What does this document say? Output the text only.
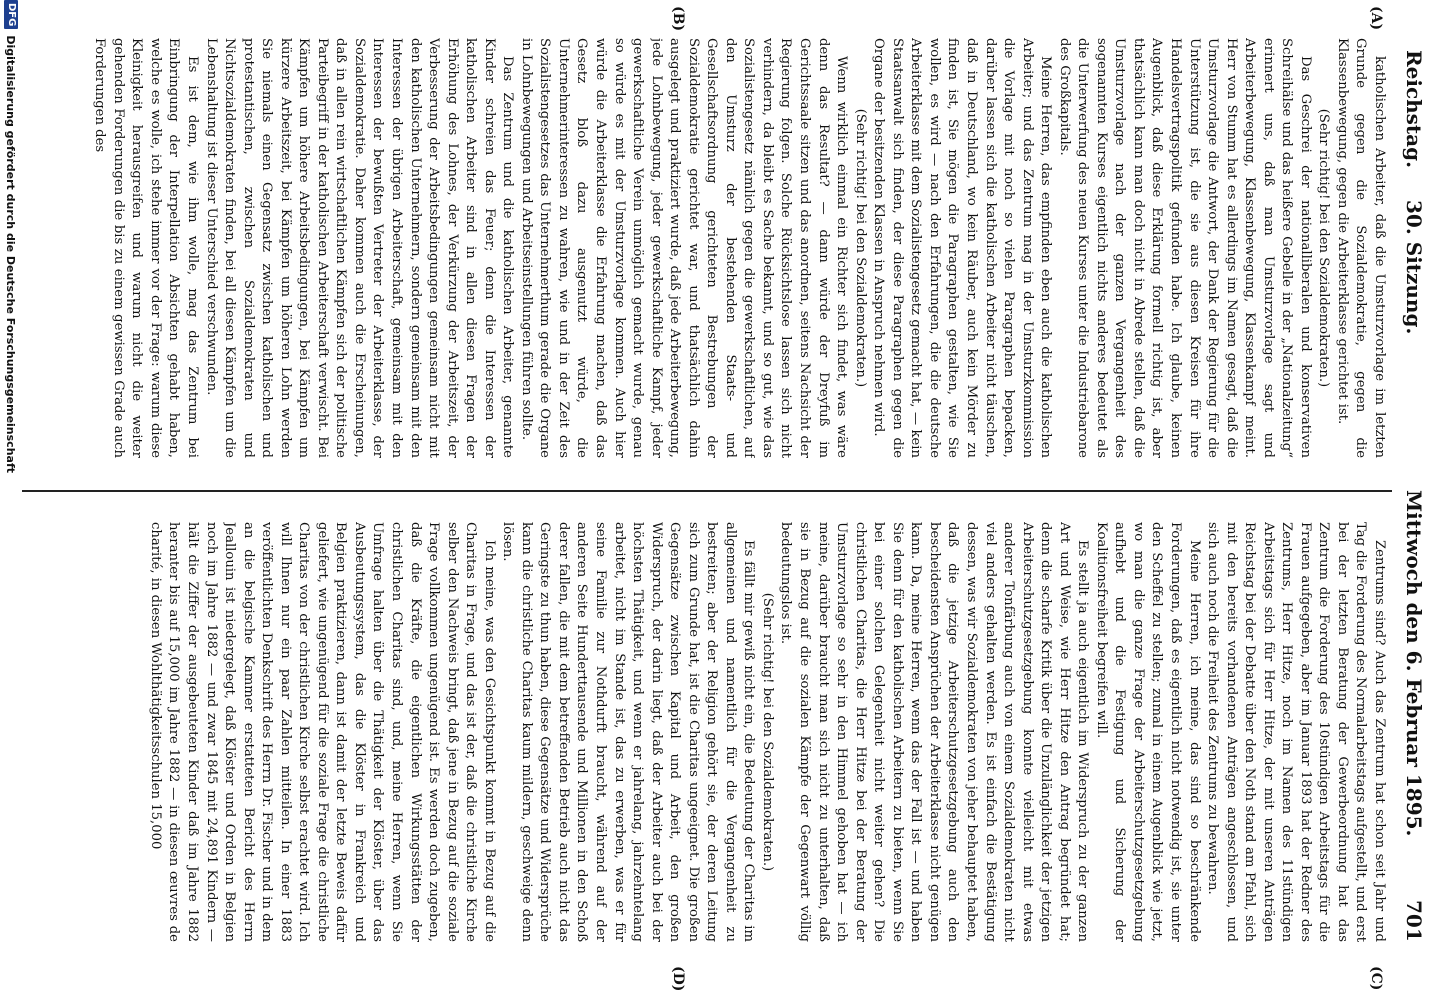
Reichstag.
30. Sitzung.
Mittwoch den 6. Februar 1895.
701
(A)
(B)
(C)
(D)

katholischen Arbeiter, daß die Umsturzvorlage im letzten Grunde gegen die Sozialdemokratie, gegen die Klassenbewegung, gegen die Arbeiterklasse gerichtet ist.

(Sehr richtig! bei den Sozialdemokraten.)

Das Geschrei der nationalliberalen und konservativen Schreihälse und das heißere Gebelle in der „Nationalzeitung“ erinnert uns, daß man Umsturzvorlage sagt und Arbeiterbewegung, Klassenbewegung, Klassenkampf meint. Herr von Stumm hat es allerdings im Namen gesagt, daß die Umsturzvorlage die Antwort, der Dank der Regierung für die Unterstützung ist, die sie aus diesen Kreisen für ihre Handelsvertragspolitik gefunden habe. Ich glaube, keinen Augenblick, daß diese Erklärung formell richtig ist, aber thatsächlich kann man doch nicht in Abrede stellen, daß die Umsturzvorlage nach der ganzen Vergangenheit des sogenannten Kurses eigentlich nichts anderes bedeutet als die Unterwerfung des neuen Kurses unter die Industriebarone des Großkapitals.

Meine Herren, das empfinden eben auch die katholischen Arbeiter; und das Zentrum mag in der Umsturzkommission die Vorlage mit noch so vielen Paragraphen bepacken, darüber lassen sich die katholischen Arbeiter nicht täuschen, daß in Deutschland, wo kein Räuber, auch kein Mörder zu finden ist, Sie mögen die Paragraphen gestalten, wie Sie wollen, es wird — nach den Erfahrungen, die die deutsche Arbeiterklasse mit dem Sozialistengesetz gemacht hat, — kein Staatsanwalt sich finden, der diese Paragraphen gegen die Organe der besitzenden Klassen in Anspruch nehmen wird.

(Sehr richtig! bei den Sozialdemokraten.)

Wenn wirklich einmal ein Richter sich findet, was wäre denn das Resultat? — dann würde der Dreyfuß im Gerichtssaale sitzen und das anordnen, seitens Nachsicht der Regierung folgen. Solche Rücksichtslose lassen sich nicht verhindern, da bleibt es Sache bekannt, und so gut, wie das Sozialistengesetz nämlich gegen die gewerkschaftlichen, auf den Umsturz der bestehenden Staats- und Gesellschaftsordnung gerichteten Bestrebungen der Sozialdemokratie gerichtet war, und thatsächlich dahin ausgelegt und praktiziert wurde, daß jede Arbeiterbewegung, jede Lohnbewegung, jeder gewerkschaftliche Kampf, jeder gewerkschaftliche Verein unmöglich gemacht wurde, genau so würde es mit der Umsturzvorlage kommen. Auch hier würde die Arbeiterklasse die Erfahrung machen, daß das Gesetz bloß dazu ausgenutzt würde, die Unternehmerinteressen zu wahren, wie und in der Zeit des Sozialistengesetzes das Unternehmerthum gerade die Organe in Lohnbewegungen und Arbeitseinstellungen führen sollte.

Das Zentrum und die katholischen Arbeiter, genannte Kinder schreien das Feuer; denn die Interessen der katholischen Arbeiter sind in allen diesen Fragen der Erhöhung des Lohnes, der Verkürzung der Arbeitszeit, der Verbesserung der Arbeitsbedingungen gemeinsam nicht mit den katholischen Unternehmern, sondern gemeinsam mit den Interessen der übrigen Arbeiterschaft, gemeinsam mit den Interessen der bewußten Vertreter der Arbeiterklasse, der Sozialdemokratie. Daher kommen auch die Erscheinungen, daß in allen rein wirtschaftlichen Kämpfen sich der politische Parteibegriff in der katholischen Arbeiterschaft verwischt. Bei Kämpfen um höhere Arbeitsbedingungen, bei Kämpfen um kürzere Arbeitszeit, bei Kämpfen um höheren Lohn werden Sie niemals einen Gegensatz zwischen katholischen und protestantischen, zwischen Sozialdemokraten und Nichtsozialdemokraten finden, bei all diesen Kämpfen um die Lebenshaltung ist dieser Unterschied verschwunden.

Es ist dem, wie ihm wolle, mag das Zentrum bei Einbringung der Interpellation Absichten gehabt haben, welche es wolle, ich stehe immer vor der Frage: warum diese Kleinigkeit herausgreifen und warum nicht die weiter gehenden Forderungen die bis zu einem gewissen Grade auch Forderungen des

Zentrums sind? Auch das Zentrum hat schon seit Jahr und Tag die Forderung des Normalarbeitstags aufgestellt, und erst bei der letzten Beratung der Gewerbeordnung hat das Zentrum die Forderung des 10stündigen Arbeitstags für die Frauen aufgegeben, aber im Januar 1893 hat der Redner des Zentrums, Herr Hitze, noch im Namen des 11stündigen Arbeitstags sich für Herr Hitze, der mit unseren Anträgen Reichstag bei der Debatte über den Noth stand am Pfahl, sich mit den bereits vorhandenen Anträgen angeschlossen, und sich auch noch die Freiheit des Zentrums zu bewahren.

Meine Herren, ich meine, das sind so beschränkende Forderungen, daß es eigentlich nicht notwendig ist, sie unter den Scheffel zu stellen; zumal in einem Augenblick wie jetzt, wo man die ganze Frage der Arbeiterschutzgesetzgebung aufhebt und die Festigung und Sicherung der Koalitionsfreiheit begreifen will.

Es stellt ja auch eigentlich im Widerspruch zu der ganzen Art und Weise, wie Herr Hitze den Antrag begründet hat; denn die scharfe Kritik über die Unzulänglichkeit der jetzigen Arbeiterschutzgesetzgebung konnte vielleicht mit etwas anderer Tonfärbung auch von einem Sozialdemokraten nicht viel anders gehalten werden. Es ist einfach die Bestätigung dessen, was wir Sozialdemokraten von jeher behauptet haben, daß die jetzige Arbeiterschutzgesetzgebung auch den bescheidensten Ansprüchen der Arbeiterklasse nicht genügen kann. Da, meine Herren, wenn das der Fall ist — und haben Sie denn für den katholischen Arbeitern zu bieten, wenn Sie bei einer solchen Gelegenheit nicht weiter gehen? Die christlichen Charitas, die Herr Hitze bei der Beratung der Umsturzvorlage so sehr in den Himmel gehoben hat — ich meine, darüber braucht man sich nicht zu unterhalten, daß sie in Bezug auf die sozialen Kämpfe der Gegenwart völlig bedeutungslos ist.

(Sehr richtig! bei den Sozialdemokraten.)

Es fällt mir gewiß nicht ein, die Bedeutung der Charitas im allgemeinen und namentlich für die Vergangenheit zu bestreiten; aber der Religion gehört sie, der deren Leitung sich zum Grunde hat, ist die Charitas ungeeignet. Die großen Gegensätze zwischen Kapital und Arbeit, den großen Widerspruch, der darin liegt, daß der Arbeiter auch bei der höchsten Thätigkeit, und wenn er jahrelang, jahrzehntelang arbeitet, nicht im Stande ist, das zu erwerben, was er für seine Familie zur Nothdurft braucht, während auf der anderen Seite Hunderttausende und Millionen in den Schoß derer fallen, die mit dem betreffenden Betrieb auch nicht das Geringste zu thun haben, diese Gegensätze und Widersprüche kann die christliche Charitas kaum mildern, geschweige denn lösen.

Ich meine, was den Gesichtspunkt kommt in Bezug auf die Charitas in Frage, und das ist der, daß die christliche Kirche selber den Nachweis bringt, daß jene in Bezug auf die soziale Frage vollkommen ungenügend ist. Es werden doch zugeben, daß die Kräfte, die eigentlichen Wirkungsstätten der christlichen Charitas sind, und, meine Herren, wenn Sie Umfrage halten über die Thätigkeit der Klöster, über das Ausbeutungssystem, das die Klöster in Frankreich und Belgien praktizieren, dann ist damit der letzte Beweis dafür geliefert, wie ungenügend für die soziale Frage die christliche Charitas von der christlichen Kirche selbst erachtet wird. Ich will Ihnen nur ein paar Zahlen mitteilen. In einer 1883 veröffentlichten Denkschrift des Herrn Dr. Fischer und in dem an die belgische Kammer erstatteten Bericht des Herrn Jeallouin ist niedergelegt, daß Klöster und Orden in Belgien noch im Jahre 1882 — und zwar 1845 mit 24,891 Kindern — hält die Ziffer der ausgebeuteten Kinder daß im Jahre 1882 heranter bis auf 15,000 im Jahre 1882 — in diesen œuvres de charité, in diesen Wohlthätigkeitsschulen 15,000

DFG
Digitalisierung gefördert durch die Deutsche Forschungsgemeinschaft
